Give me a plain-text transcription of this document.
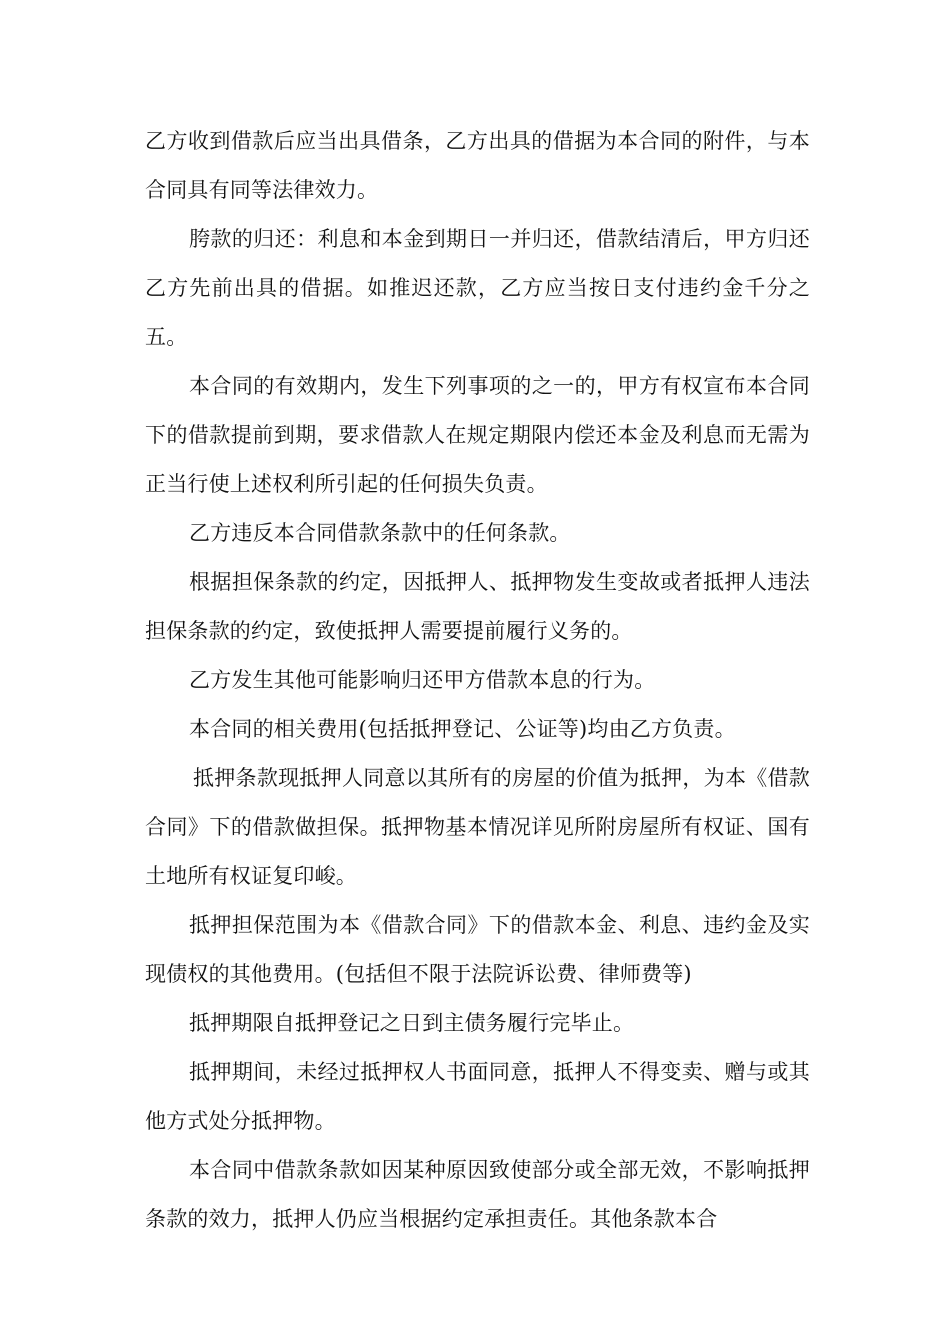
乙方收到借款后应当出具借条，乙方出具的借据为本合同的附件，与本合同具有同等法律效力。

胯款的归还：利息和本金到期日一并归还，借款结清后，甲方归还乙方先前出具的借据。如推迟还款，乙方应当按日支付违约金千分之五。

本合同的有效期内，发生下列事项的之一的，甲方有权宣布本合同下的借款提前到期，要求借款人在规定期限内偿还本金及利息而无需为正当行使上述权利所引起的任何损失负责。

乙方违反本合同借款条款中的任何条款。

根据担保条款的约定，因抵押人、抵押物发生变故或者抵押人违法担保条款的约定，致使抵押人需要提前履行义务的。

乙方发生其他可能影响归还甲方借款本息的行为。

本合同的相关费用(包括抵押登记、公证等)均由乙方负责。

抵押条款现抵押人同意以其所有的房屋的价值为抵押，为本《借款合同》下的借款做担保。抵押物基本情况详见所附房屋所有权证、国有土地所有权证复印峻。

抵押担保范围为本《借款合同》下的借款本金、利息、违约金及实现债权的其他费用。(包括但不限于法院诉讼费、律师费等)

抵押期限自抵押登记之日到主债务履行完毕止。

抵押期间，未经过抵押权人书面同意，抵押人不得变卖、赠与或其他方式处分抵押物。

本合同中借款条款如因某种原因致使部分或全部无效，不影响抵押条款的效力，抵押人仍应当根据约定承担责任。其他条款本合
